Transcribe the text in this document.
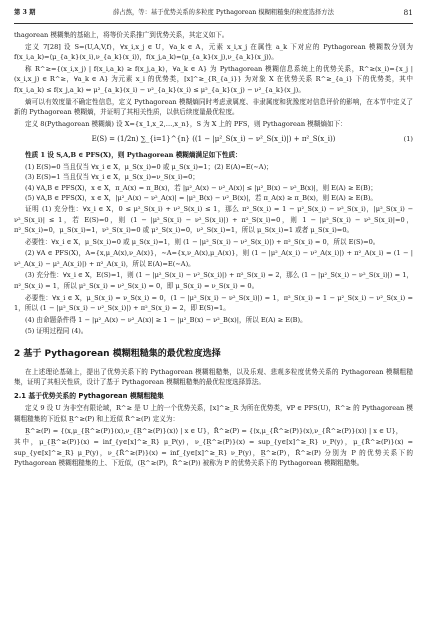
第 3 期	薛占熬，等：基于优势关系的多粒度 Pythagorean 模糊粗糙集的粒度选择方法	81

thagorean 模糊集的基础上，将等价关系推广到优势关系，其定义如下。

定义 7[28] 设 S=(U,A,V,f)，∀x_i,x_j ∈ U，∀a_k ∈ A，元素 x_i,x_j 在属性 a_k 下对应的 Pythagorean 模糊数分别为 f(x_i,a_k)=⟨μ_{a_k}(x_i),ν_{a_k}(x_i)⟩，f(x_j,a_k)=⟨μ_{a_k}(x_j),ν_{a_k}(x_j)⟩。

称 R^≥={(x_i,x_j) | f(x_i,a_k) ≥ f(x_j,a_k)，∀a_k ∈ A} 为 Pythagorean 模糊信息系统上的优势关系，R^≥(x_i)={x_j | (x_i,x_j) ∈ R^≥，∀a_k ∈ A} 为元素 x_i 的优势类，[x]^≥_{R_{a_i}} 为对象 X 在优势关系 R^≥_{a_i} 下的优势类，其中 f(x_i,a_k) ≤ f(x_j,a_k) ⇔ μ²_{a_k}(x_i) − ν²_{a_k}(x_i) ≤ μ²_{a_k}(x_j) − ν²_{a_k}(x_j)。

熵可以有效度量不确定性信息，定义 Pythagorean 模糊熵同时考虑隶属度、非隶属度和犹豫度对信息评价的影响，在本节中定义了新的 Pythagorean 模糊熵，并证明了其相关性质，以供后续度量最优粒度。

定义 8(Pythagorean 模糊熵) 设 X={x_1,x_2,…,x_n}，S 为 X 上的 PFS，则 Pythagorean 模糊熵如下：

E(S) = (1/2n) ∑_{i=1}^{n} ((1 − |μ²_S(x_i) − ν²_S(x_i)|) + π²_S(x_i))	(1)

性质 1 设 S,A,B ∈ PFS(X)，则 Pythagorean 模糊熵满足如下性质：

(1) E(S)=0 当且仅当 ∀x_i ∈ X，μ_S(x_i)=0 或 μ_S(x_i)=1；(2) E(A)=E(∼A)；

(3) E(S)=1 当且仅当 ∀x_i ∈ X，μ_S(x_i)=ν_S(x_i)=0；

(4) ∀A,B ∈ PFS(X)，x ∈ X，π_A(x) = π_B(x)，若 |μ²_A(x) − ν²_A(x)| ≤ |μ²_B(x) − ν²_B(x)|，则 E(A) ≥ E(B)；

(5) ∀A,B ∈ PFS(X)，x ∈ X，|μ²_A(x) − ν²_A(x)| = |μ²_B(x) − ν²_B(x)|，若 π_A(x) ≥ π_B(x)，则 E(A) ≥ E(B)。

证明 (1) 充分性：∀x_i ∈ X，0 ≤ μ²_S(x_i) + ν²_S(x_i) ≤ 1，那么 π²_S(x_i) = 1 − μ²_S(x_i) − ν²_S(x_i)，|μ²_S(x_i) − ν²_S(x_i)| ≤ 1，若 E(S)=0，则 (1 − |μ²_S(x_i) − ν²_S(x_i)|) + π²_S(x_i)=0，则 1 − |μ²_S(x_i) − ν²_S(x_i)|=0，π²_S(x_i)=0，μ_S(x_i)=1，ν²_S(x_i)=0 或 μ²_S(x_i)=0，ν²_S(x_i)=1，所以 μ_S(x_i)=1 或者 μ_S(x_i)=0。

必要性：∀x_i ∈ X，μ_S(x_i)=0 或 μ_S(x_i)=1，则 (1 − |μ²_S(x_i) − ν²_S(x_i)|) + π²_S(x_i) = 0，所以 E(S)=0。

(2) ∀A ∈ PFS(X)，A={x,μ_A(x),ν_A(x)}，∼A={x,ν_A(x),μ_A(x)}，则 (1 − |μ²_A(x_i) − ν²_A(x_i)|) + π²_A(x_i) = (1 − |ν²_A(x_i) − μ²_A(x_i)|) + π²_A(x_i)，所以 E(A)=E(∼A)。

(3) 充分性：∀x_i ∈ X，E(S)=1，则 (1 − |μ²_S(x_i) − ν²_S(x_i)|) + π²_S(x_i) = 2，那么 (1 − |μ²_S(x_i) − ν²_S(x_i)|) = 1，π²_S(x_i) = 1，所以 μ²_S(x_i) = ν²_S(x_i) = 0，即 μ_S(x_i) = ν_S(x_i) = 0。

必要性：∀x_i ∈ X，μ_S(x_i) = ν_S(x_i) = 0，(1 − |μ²_S(x_i) − ν²_S(x_i)|) = 1，π²_S(x_i) = 1 − μ²_S(x_i) − ν²_S(x_i) = 1，所以 (1 − |μ²_S(x_i) − ν²_S(x_i)|) + π²_S(x_i) = 2，即 E(S)=1。

(4) 由命题条件得 1 − |μ²_A(x) − ν²_A(x)| ≥ 1 − |μ²_B(x) − ν²_B(x)|，所以 E(A) ≥ E(B)。

(5) 证明过程同 (4)。

2 基于 Pythagorean 模糊粗糙集的最优粒度选择

在上述理论基础上，提出了优势关系下的 Pythagorean 模糊粗糙集，以及乐观、悲观多粒度优势关系的 Pythagorean 模糊粗糙集，证明了其相关性质，设计了基于 Pythagorean 模糊粗糙集的最优粒度选择算法。

2.1 基于优势关系的 Pythagorean 模糊粗糙集

定义 9 设 U 为非空有限论域，R^≥ 是 U 上的一个优势关系，[x]^≥_R 为所在优势类，∀P ∈ PFS(U)，R^≥ 的 Pythagorean 模糊粗糙集的下近似 R̲^≥(P) 和上近似 R̄^≥(P) 定义为：

R̲^≥(P) = {⟨x,μ_{R̲^≥(P)}(x),ν_{R̲^≥(P)}(x)⟩ | x ∈ U}，R̄^≥(P) = {⟨x,μ_{R̄^≥(P)}(x),ν_{R̄^≥(P)}(x)⟩ | x ∈ U}，

其中，μ_{R̲^≥(P)}(x) = inf_{y∈[x]^≥_R} μ_P(y)，ν_{R̲^≥(P)}(x) = sup_{y∈[x]^≥_R} ν_P(y)，μ_{R̄^≥(P)}(x) = sup_{y∈[x]^≥_R} μ_P(y)，ν_{R̄^≥(P)}(x) = inf_{y∈[x]^≥_R} ν_P(y)，R̲^≥(P)，R̄^≥(P) 分别为 P 的优势关系下的 Pythagorean 模糊粗糙集的上、下近似，(R̲^≥(P)，R̄^≥(P)) 被称为 P 的优势关系下的 Pythagorean 模糊粗糙集。
